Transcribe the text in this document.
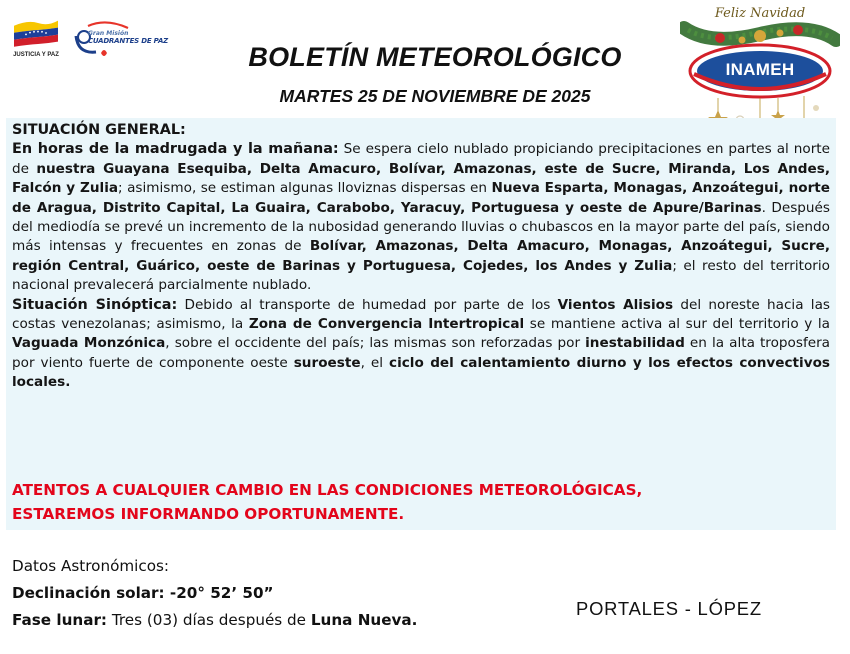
JUSTICIA Y PAZ
Gran Misión
CUADRANTES DE PAZ
BOLETÍN METEOROLÓGICO
MARTES 25 DE NOVIEMBRE DE 2025
Feliz Navidad
INAMEH

SITUACIÓN GENERAL:

En horas de la madrugada y la mañana: Se espera cielo nublado propiciando precipitaciones en partes al norte de nuestra Guayana Esequiba, Delta Amacuro, Bolívar, Amazonas, este de Sucre, Miranda, Los Andes, Falcón y Zulia; asimismo, se estiman algunas lloviznas dispersas en Nueva Esparta, Monagas, Anzoátegui, norte de Aragua, Distrito Capital, La Guaira, Carabobo, Yaracuy, Portuguesa y oeste de Apure/Barinas. Después del mediodía se prevé un incremento de la nubosidad generando lluvias o chubascos en la mayor parte del país, siendo más intensas y frecuentes en zonas de Bolívar, Amazonas, Delta Amacuro, Monagas, Anzoátegui, Sucre, región Central, Guárico, oeste de Barinas y Portuguesa, Cojedes, los Andes y Zulia; el resto del territorio nacional prevalecerá parcialmente nublado.

Situación Sinóptica: Debido al transporte de humedad por parte de los Vientos Alisios del noreste hacia las costas venezolanas; asimismo, la Zona de Convergencia Intertropical se mantiene activa al sur del territorio y la Vaguada Monzónica, sobre el occidente del país; las mismas son reforzadas por inestabilidad en la alta troposfera por viento fuerte de componente oeste suroeste, el ciclo del calentamiento diurno y los efectos convectivos locales.

ATENTOS A CUALQUIER CAMBIO EN LAS CONDICIONES METEOROLÓGICAS,

ESTAREMOS INFORMANDO OPORTUNAMENTE.

Datos Astronómicos:

Declinación solar: -20° 52’ 50”

Fase lunar: Tres (03) días después de Luna Nueva.

PORTALES - LÓPEZ
